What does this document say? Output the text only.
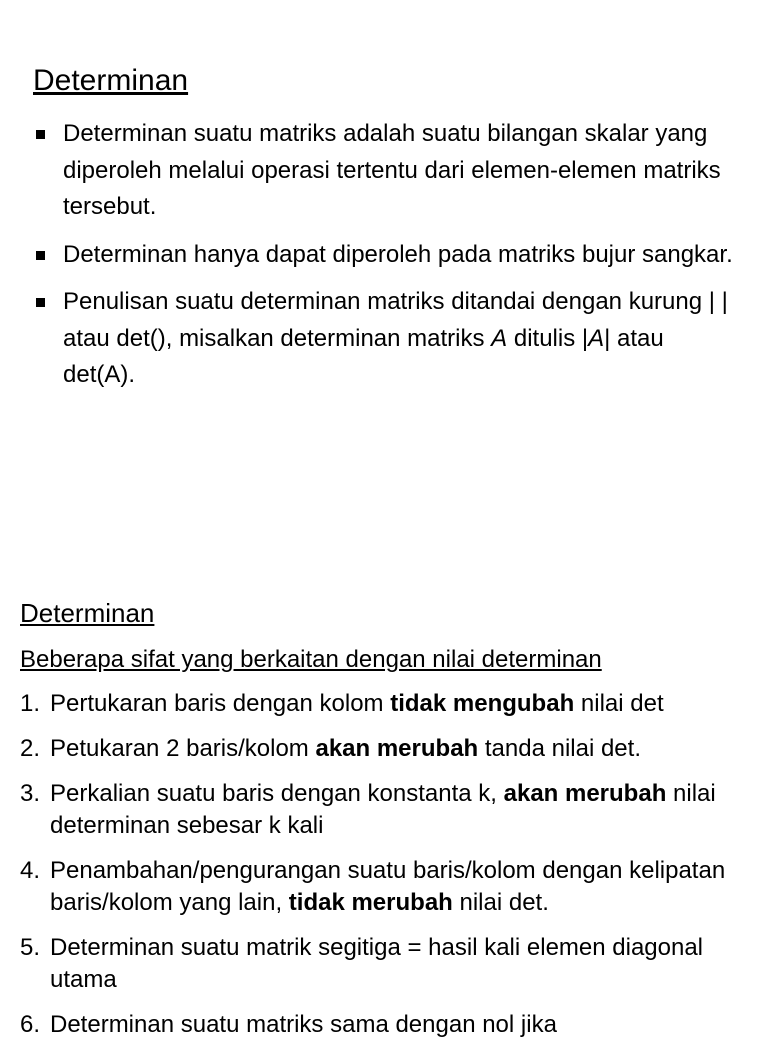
Determinan
Determinan suatu matriks adalah suatu bilangan skalar yang diperoleh melalui operasi tertentu dari elemen-elemen matriks tersebut.
Determinan hanya dapat diperoleh pada matriks bujur sangkar.
Penulisan suatu determinan matriks ditandai dengan kurung | | atau det(), misalkan determinan matriks A ditulis |A| atau det(A).
Determinan

Beberapa sifat yang berkaitan dengan nilai determinan

1. Pertukaran baris dengan kolom tidak mengubah nilai det
2. Petukaran 2 baris/kolom akan merubah tanda nilai det.
3. Perkalian suatu baris dengan konstanta k, akan merubah nilai determinan sebesar k kali
4. Penambahan/pengurangan suatu baris/kolom dengan kelipatan baris/kolom yang lain, tidak merubah nilai det.
5. Determinan suatu matrik segitiga = hasil kali elemen diagonal utama
6. Determinan suatu matriks sama dengan nol jika
